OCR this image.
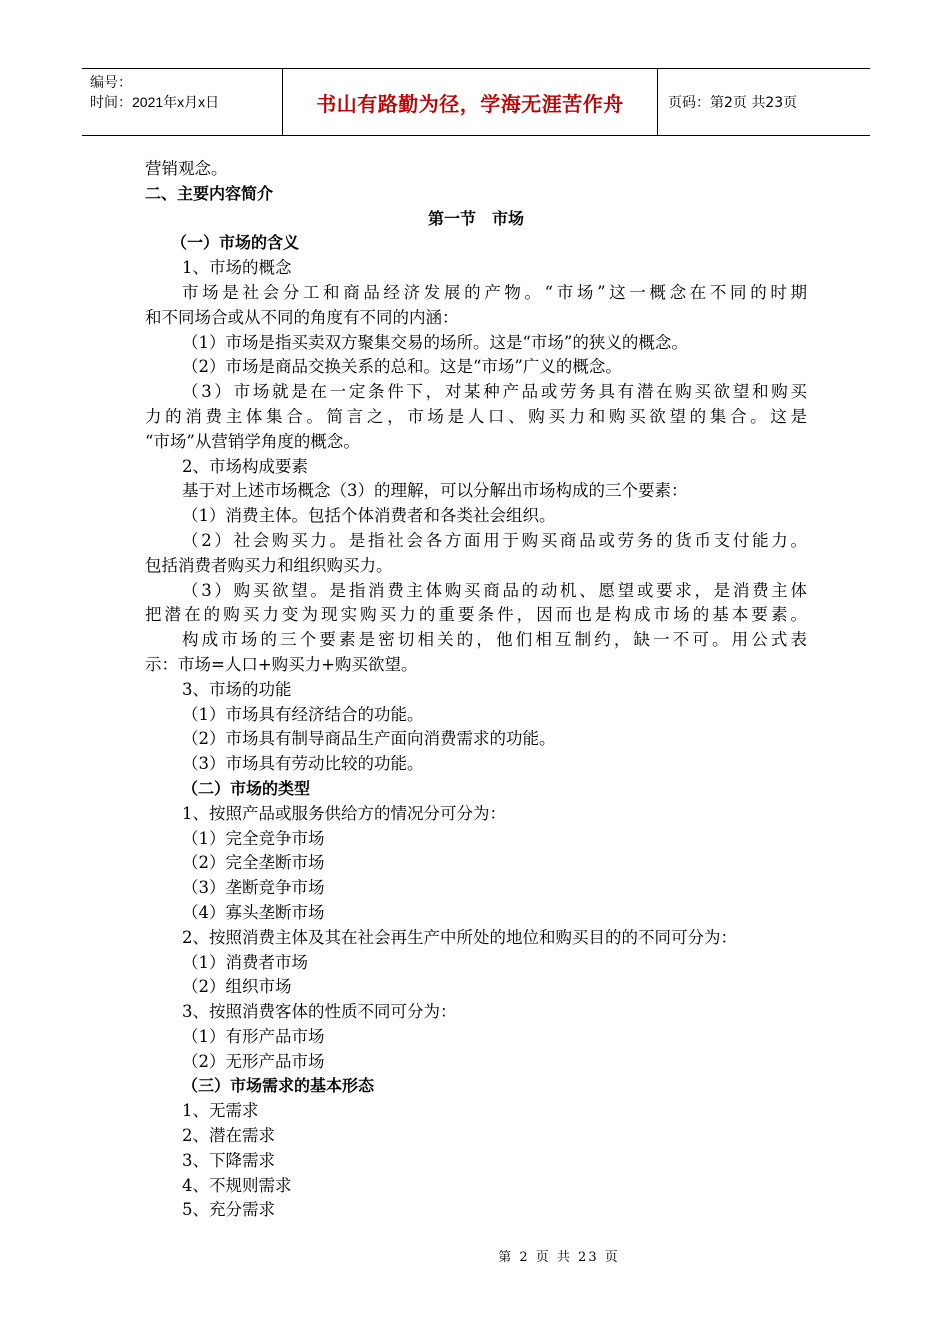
编号：
时间：2021年x月x日	书山有路勤为径，学海无涯苦作舟	页码：第2页 共23页
营销观念。
二、主要内容简介
第一节　市场
（一）市场的含义
1、市场的概念
市场是社会分工和商品经济发展的产物。“市场”这一概念在不同的时期
和不同场合或从不同的角度有不同的内涵：
（1）市场是指买卖双方聚集交易的场所。这是“市场”的狭义的概念。
（2）市场是商品交换关系的总和。这是“市场”广义的概念。
（3）市场就是在一定条件下，对某种产品或劳务具有潜在购买欲望和购买
力的消费主体集合。简言之，市场是人口、购买力和购买欲望的集合。这是
“市场”从营销学角度的概念。
2、市场构成要素
基于对上述市场概念（3）的理解，可以分解出市场构成的三个要素：
（1）消费主体。包括个体消费者和各类社会组织。
（2）社会购买力。是指社会各方面用于购买商品或劳务的货币支付能力。
包括消费者购买力和组织购买力。
（3）购买欲望。是指消费主体购买商品的动机、愿望或要求，是消费主体
把潜在的购买力变为现实购买力的重要条件，因而也是构成市场的基本要素。
构成市场的三个要素是密切相关的，他们相互制约，缺一不可。用公式表
示：市场=人口+购买力+购买欲望。
3、市场的功能
（1）市场具有经济结合的功能。
（2）市场具有制导商品生产面向消费需求的功能。
（3）市场具有劳动比较的功能。
（二）市场的类型
1、按照产品或服务供给方的情况分可分为：
（1）完全竞争市场
（2）完全垄断市场
（3）垄断竞争市场
（4）寡头垄断市场
2、按照消费主体及其在社会再生产中所处的地位和购买目的的不同可分为：
（1）消费者市场
（2）组织市场
3、按照消费客体的性质不同可分为：
（1）有形产品市场
（2）无形产品市场
（三）市场需求的基本形态
1、无需求
2、潜在需求
3、下降需求
4、不规则需求
5、充分需求
第 2 页 共 23 页
